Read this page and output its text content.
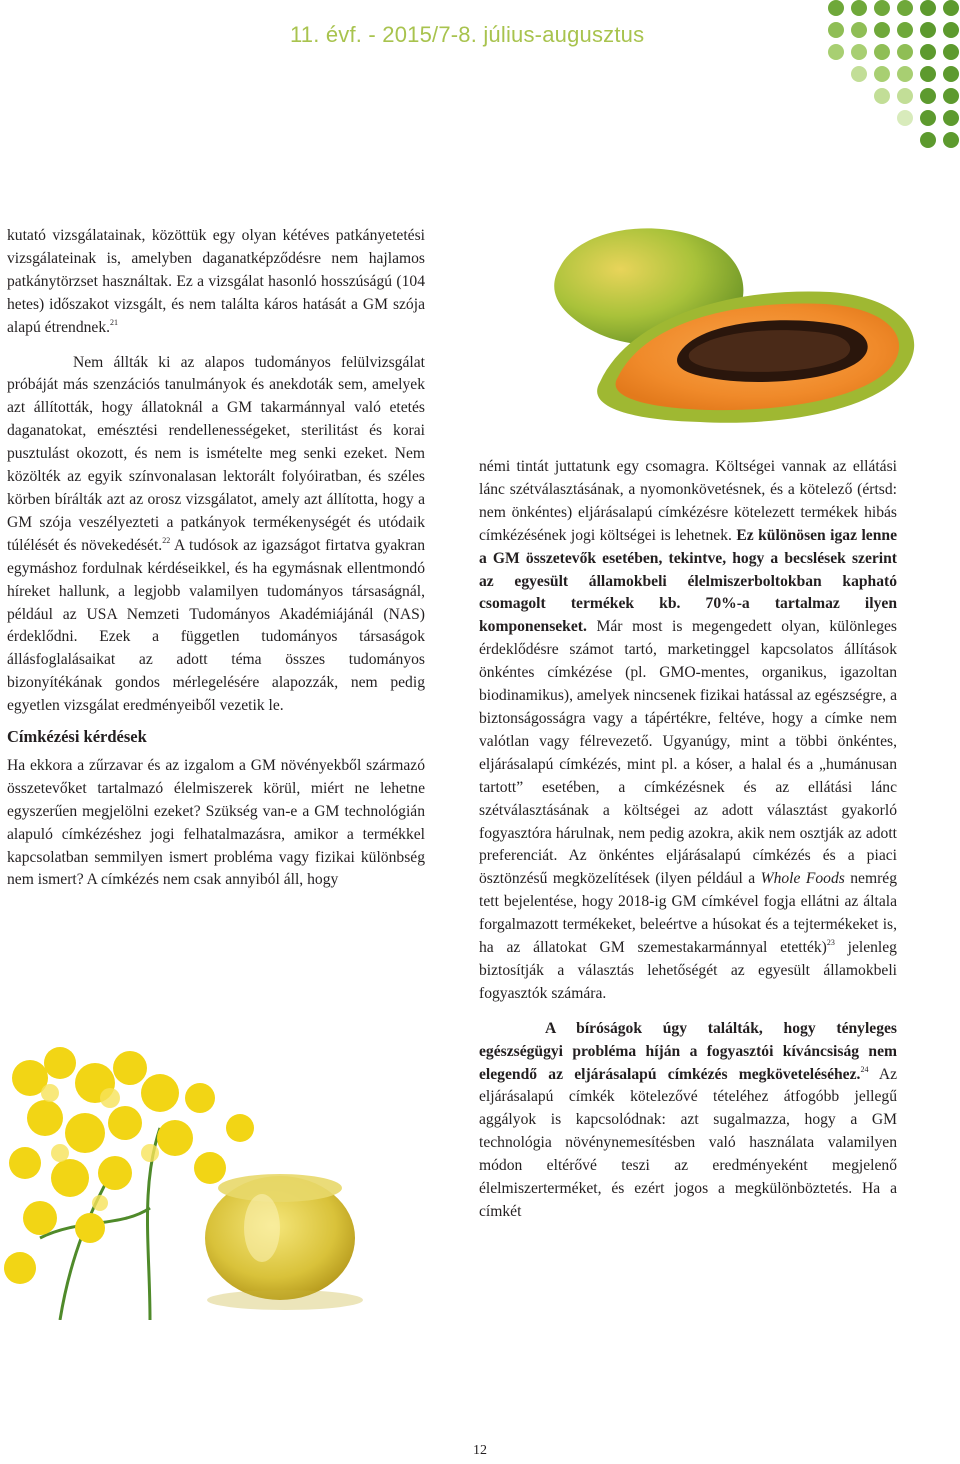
11. évf. - 2015/7-8. július-augusztus

kutató vizsgálatainak, közöttük egy olyan kétéves patkányetetési vizsgálateinak is, amelyben daganatképződésre nem hajlamos patkánytörzset használtak. Ez a vizsgálat hasonló hosszúságú (104 hetes) időszakot vizsgált, és nem találta káros hatását a GM szója alapú étrendnek.$^{21}$

Nem állták ki az alapos tudományos felülvizsgálat próbáját más szenzációs tanulmányok és anekdoták sem, amelyek azt állították, hogy állatoknál a GM takarmánnyal való etetés daganatokat, emésztési rendellenességeket, sterilitást és korai pusztulást okozott, és nem is ismételte meg senki ezeket. Nem közölték az egyik színvonalasan lektorált folyóiratban, és széles körben bírálták azt az orosz vizsgálatot, amely azt állította, hogy a GM szója veszélyezteti a patkányok termékenységét és utódaik túlélését és növekedését.$^{22}$ A tudósok az igazságot firtatva gyakran egymáshoz fordulnak kérdéseikkel, és ha egymásnak ellentmondó híreket hallunk, a legjobb valamilyen tudományos társaságnál, például az USA Nemzeti Tudományos Akadémiájánál (NAS) érdeklődni. Ezek a független tudományos társaságok állásfoglalásaikat az adott téma összes tudományos bizonyítékának gondos mérlegelésére alapozzák, nem pedig egyetlen vizsgálat eredményeiből vezetik le.

Címkézési kérdések

Ha ekkora a zűrzavar és az izgalom a GM növényekből származó összetevőket tartalmazó élelmiszerek körül, miért ne lehetne egyszerűen megjelölni ezeket? Szükség van-e a GM technológián alapuló címkézéshez jogi felhatalmazásra, amikor a termékkel kapcsolatban semmilyen ismert probléma vagy fizikai különbség nem ismert? A címkézés nem csak annyiból áll, hogy

némi tintát juttatunk egy csomagra. Költségei vannak az ellátási lánc szétválasztásának, a nyomonkövetésnek, és a kötelező (értsd: nem önkéntes) eljárásalapú címkézésre kötelezett termékek hibás címkézésének jogi költségei is lehetnek. Ez különösen igaz lenne a GM összetevők esetében, tekintve, hogy a becslések szerint az egyesült államokbeli élelmiszerboltokban kapható csomagolt termékek kb. 70%-a tartalmaz ilyen komponenseket. Már most is megengedett olyan, különleges érdeklődésre számot tartó, marketinggel kapcsolatos állítások önkéntes címkézése (pl. GMO-mentes, organikus, igazoltan biodinamikus), amelyek nincsenek fizikai hatással az egészségre, a biztonságosságra vagy a tápértékre, feltéve, hogy a címke nem valótlan vagy félrevezető. Ugyanúgy, mint a többi önkéntes, eljárásalapú címkézés, mint pl. a kóser, a halal és a „humánusan tartott” esetében, a címkézésnek és az ellátási lánc szétválasztásának a költségei az adott választást gyakorló fogyasztóra hárulnak, nem pedig azokra, akik nem osztják az adott preferenciát. Az önkéntes eljárásalapú címkézés és a piaci ösztönzésű megközelítések (ilyen például a Whole Foods nemrég tett bejelentése, hogy 2018-ig GM címkével fogja ellátni az általa forgalmazott termékeket, beleértve a húsokat és a tejtermékeket is, ha az állatokat GM szemestakarmánnyal etették)$^{23}$ jelenleg biztosítják a választás lehetőségét az egyesült államokbeli fogyasztók számára.

A bíróságok úgy találták, hogy tényleges egészségügyi probléma híján a fogyasztói kíváncsiság nem elegendő az eljárásalapú címkézés megköveteléséhez.$^{24}$ Az eljárásalapú címkék kötelezővé tételéhez átfogóbb jellegű aggályok is kapcsolódnak: azt sugalmazza, hogy a GM technológia növénynemesítésben való használata valamilyen módon eltérővé teszi az eredményeként megjelenő élelmiszerterméket, és ezért jogos a megkülönböztetés. Ha a címkét

12
